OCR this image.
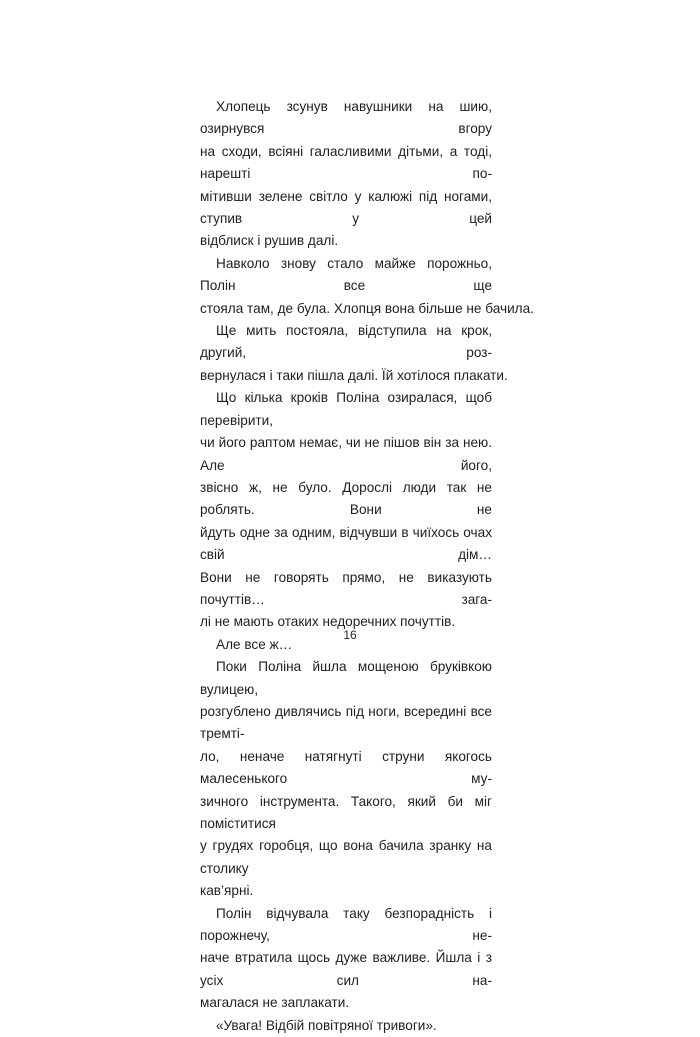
Хлопець зсунув навушники на шию, озирнувся вгору
на сходи, всіяні галасливими дітьми, а тоді, нарешті по-
мітивши зелене світло у калюжі під ногами, ступив у цей
відблиск і рушив далі.

Навколо знову стало майже порожньо, Полін все ще
стояла там, де була. Хлопця вона більше не бачила.

Ще мить постояла, відступила на крок, другий, роз-
вернулася і таки пішла далі. Їй хотілося плакати.

Що кілька кроків Поліна озиралася, щоб перевірити,
чи його раптом немає, чи не пішов він за нею. Але його,
звісно ж, не було. Дорослі люди так не роблять. Вони не
йдуть одне за одним, відчувши в чиїхось очах свій дім…
Вони не говорять прямо, не виказують почуттів… зага-
лі не мають отаких недоречних почуттів.

Але все ж…

Поки Поліна йшла мощеною бруківкою вулицею,
розгублено дивлячись під ноги, всередині все тремті-
ло, неначе натягнуті струни якогось малесенького му-
зичного інструмента. Такого, який би міг поміститися
у грудях горобця, що вона бачила зранку на столику
кав’ярні.

Полін відчувала таку безпорадність і порожнечу, не-
наче втратила щось дуже важливе. Йшла і з усіх сил на-
магалася не заплакати.

«Увага! Відбій повітряної тривоги».

16
